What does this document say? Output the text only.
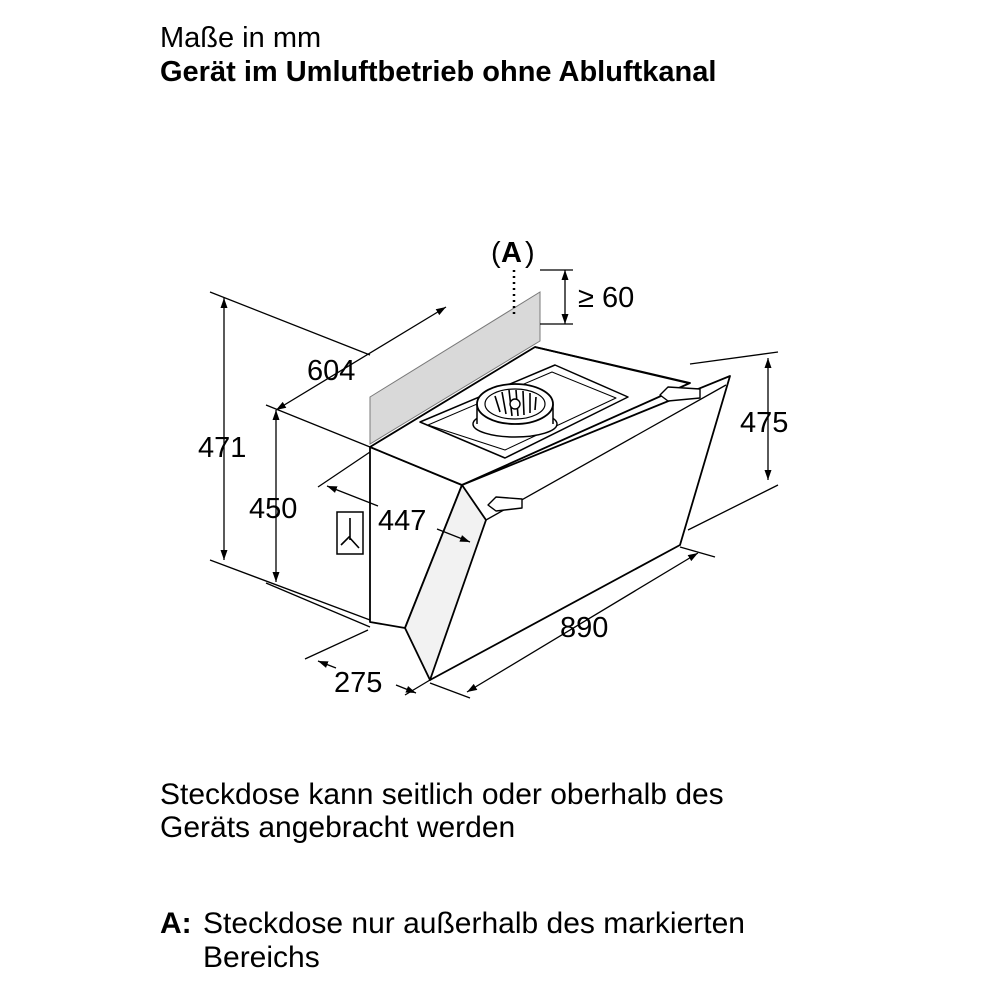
Maße in mm

Gerät im Umluftbetrieb ohne Abluftkanal

( A )
≥ 60
604
471
450	447
475
890
275

Steckdose kann seitlich oder oberhalb des

Geräts angebracht werden

A: Steckdose nur außerhalb des markierten

Bereichs
